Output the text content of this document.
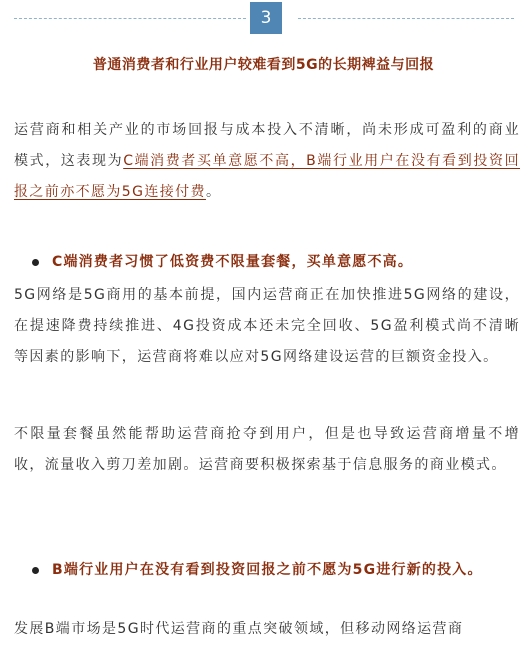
3
普通消费者和行业用户较难看到5G的长期裨益与回报
运营商和相关产业的市场回报与成本投入不清晰，尚未形成可盈利的商业模式，这表现为C端消费者买单意愿不高，B端行业用户在没有看到投资回报之前亦不愿为5G连接付费。
C端消费者习惯了低资费不限量套餐，买单意愿不高。
5G网络是5G商用的基本前提，国内运营商正在加快推进5G网络的建设，在提速降费持续推进、4G投资成本还未完全回收、5G盈利模式尚不清晰等因素的影响下，运营商将难以应对5G网络建设运营的巨额资金投入。
不限量套餐虽然能帮助运营商抢夺到用户，但是也导致运营商增量不增收，流量收入剪刀差加剧。运营商要积极探索基于信息服务的商业模式。
B端行业用户在没有看到投资回报之前不愿为5G进行新的投入。
发展B端市场是5G时代运营商的重点突破领域，但移动网络运营商
